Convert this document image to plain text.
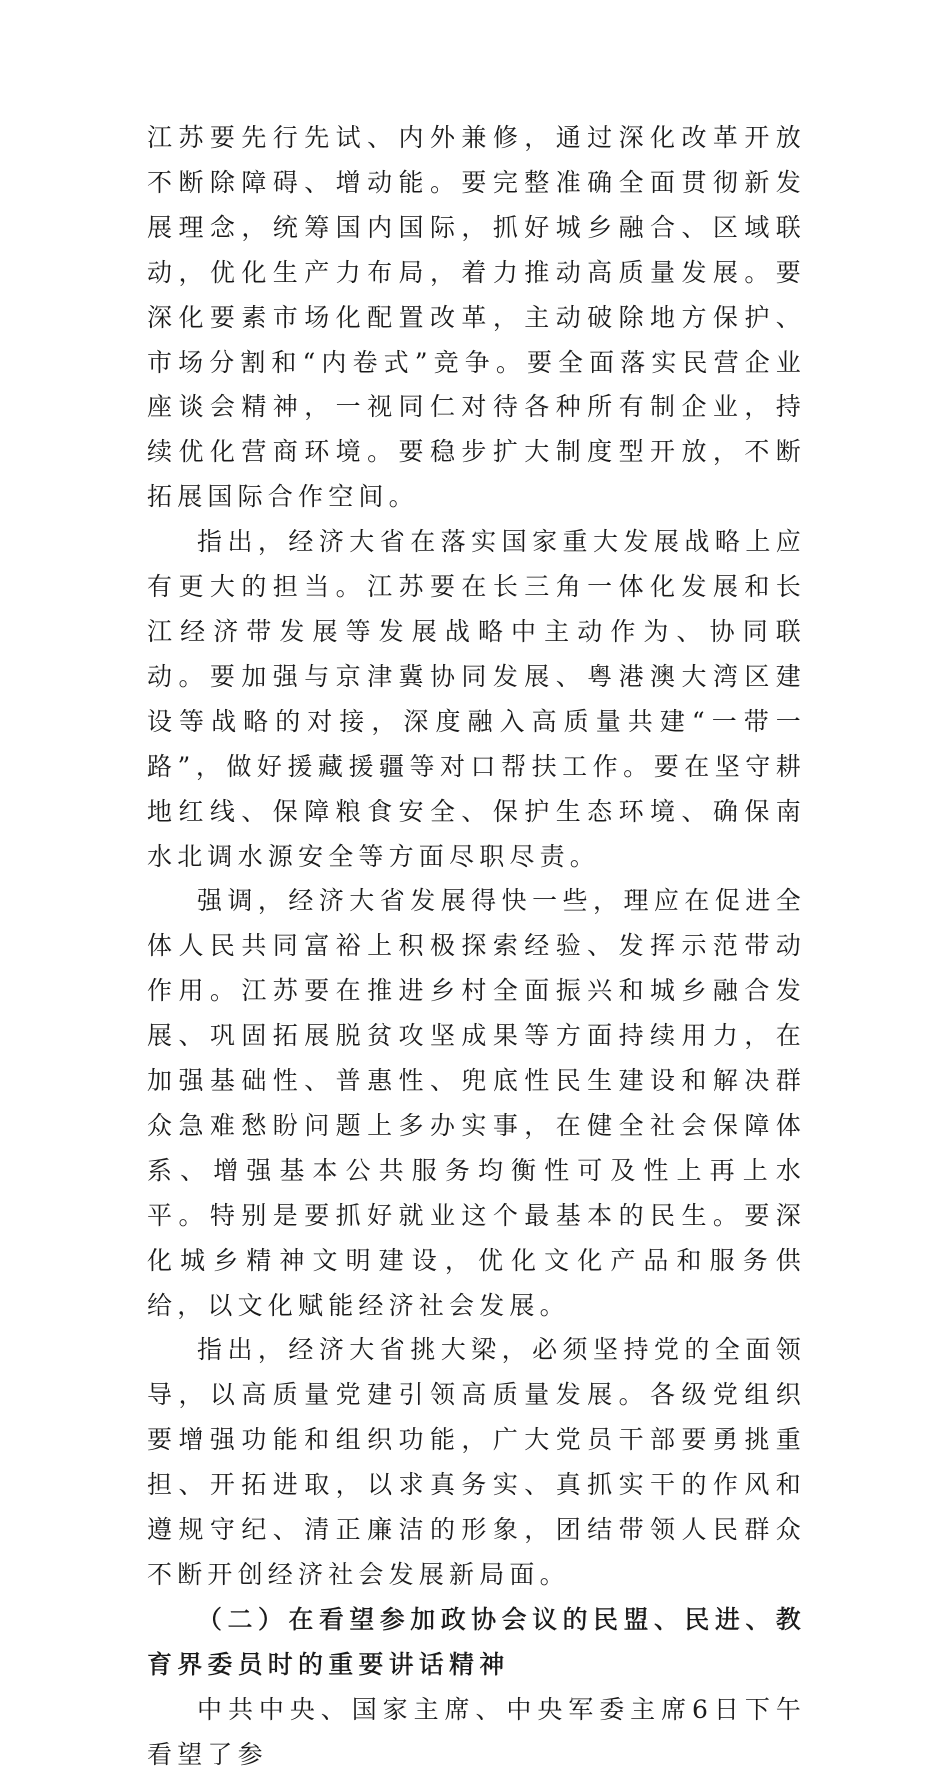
江苏要先行先试、内外兼修，通过深化改革开放不断除障碍、增动能。要完整准确全面贯彻新发展理念，统筹国内国际，抓好城乡融合、区域联动，优化生产力布局，着力推动高质量发展。要深化要素市场化配置改革，主动破除地方保护、市场分割和“内卷式”竞争。要全面落实民营企业座谈会精神，一视同仁对待各种所有制企业，持续优化营商环境。要稳步扩大制度型开放，不断拓展国际合作空间。

指出，经济大省在落实国家重大发展战略上应有更大的担当。江苏要在长三角一体化发展和长江经济带发展等发展战略中主动作为、协同联动。要加强与京津冀协同发展、粤港澳大湾区建设等战略的对接，深度融入高质量共建“一带一路”，做好援藏援疆等对口帮扶工作。要在坚守耕地红线、保障粮食安全、保护生态环境、确保南水北调水源安全等方面尽职尽责。

强调，经济大省发展得快一些，理应在促进全体人民共同富裕上积极探索经验、发挥示范带动作用。江苏要在推进乡村全面振兴和城乡融合发展、巩固拓展脱贫攻坚成果等方面持续用力，在加强基础性、普惠性、兜底性民生建设和解决群众急难愁盼问题上多办实事，在健全社会保障体系、增强基本公共服务均衡性可及性上再上水平。特别是要抓好就业这个最基本的民生。要深化城乡精神文明建设，优化文化产品和服务供给，以文化赋能经济社会发展。

指出，经济大省挑大梁，必须坚持党的全面领导，以高质量党建引领高质量发展。各级党组织要增强功能和组织功能，广大党员干部要勇挑重担、开拓进取，以求真务实、真抓实干的作风和遵规守纪、清正廉洁的形象，团结带领人民群众不断开创经济社会发展新局面。

（二）在看望参加政协会议的民盟、民进、教育界委员时的重要讲话精神

中共中央、国家主席、中央军委主席6日下午看望了参
